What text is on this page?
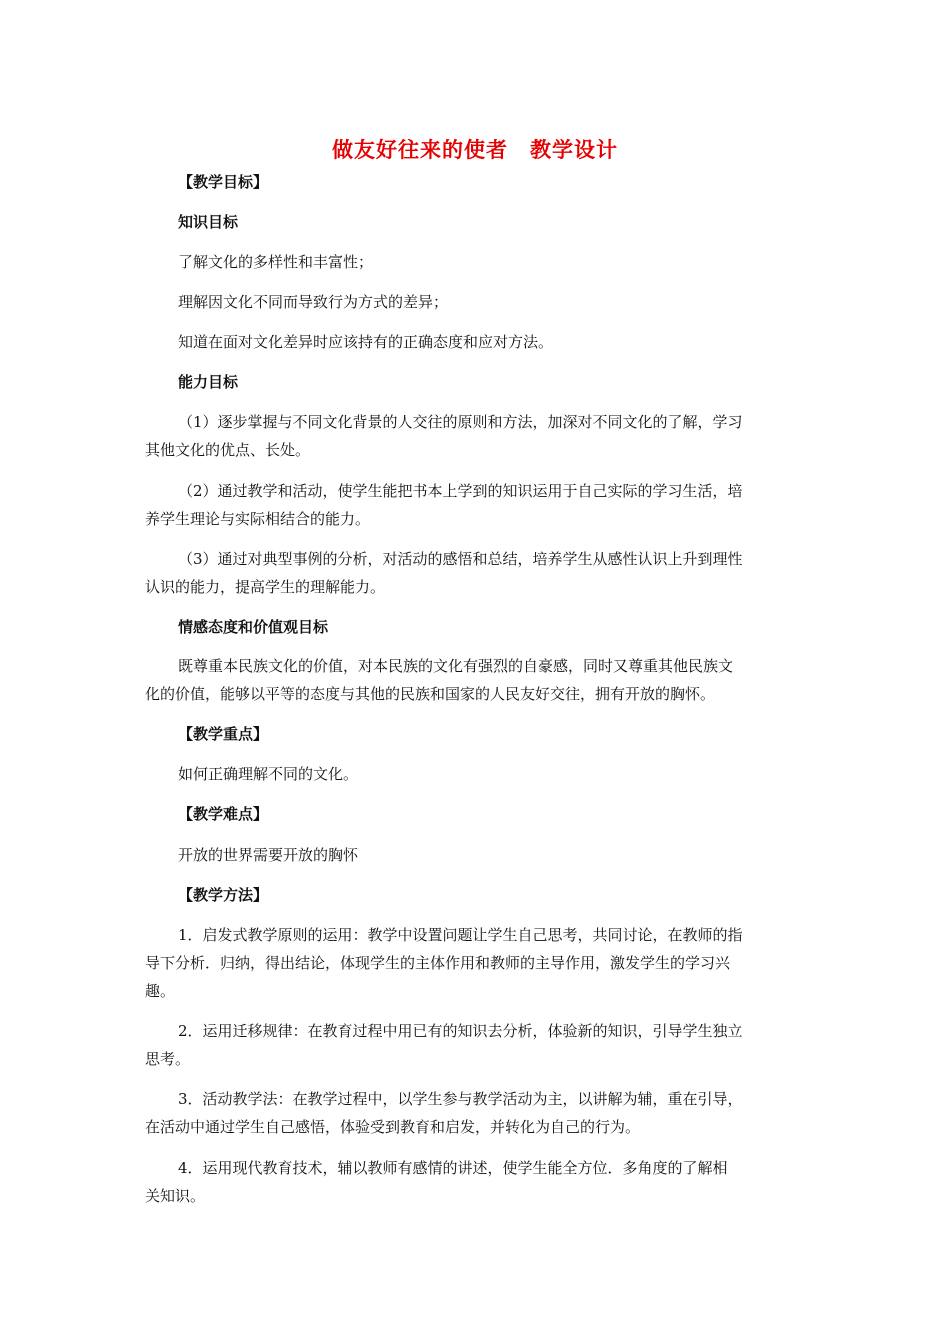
做友好往来的使者　教学设计
【教学目标】
知识目标
了解文化的多样性和丰富性；
理解因文化不同而导致行为方式的差异；
知道在面对文化差异时应该持有的正确态度和应对方法。
能力目标
（1）逐步掌握与不同文化背景的人交往的原则和方法，加深对不同文化的了解，学习
其他文化的优点、长处。
（2）通过教学和活动，使学生能把书本上学到的知识运用于自己实际的学习生活，培
养学生理论与实际相结合的能力。
（3）通过对典型事例的分析，对活动的感悟和总结，培养学生从感性认识上升到理性
认识的能力，提高学生的理解能力。
情感态度和价值观目标
既尊重本民族文化的价值，对本民族的文化有强烈的自豪感，同时又尊重其他民族文
化的价值，能够以平等的态度与其他的民族和国家的人民友好交往，拥有开放的胸怀。
【教学重点】
如何正确理解不同的文化。
【教学难点】
开放的世界需要开放的胸怀
【教学方法】
1．启发式教学原则的运用：教学中设置问题让学生自己思考，共同讨论，在教师的指
导下分析．归纳，得出结论，体现学生的主体作用和教师的主导作用，激发学生的学习兴
趣。
2．运用迁移规律：在教育过程中用已有的知识去分析，体验新的知识，引导学生独立
思考。
3．活动教学法：在教学过程中，以学生参与教学活动为主，以讲解为辅，重在引导，
在活动中通过学生自己感悟，体验受到教育和启发，并转化为自己的行为。
4．运用现代教育技术，辅以教师有感情的讲述，使学生能全方位．多角度的了解相
关知识。
